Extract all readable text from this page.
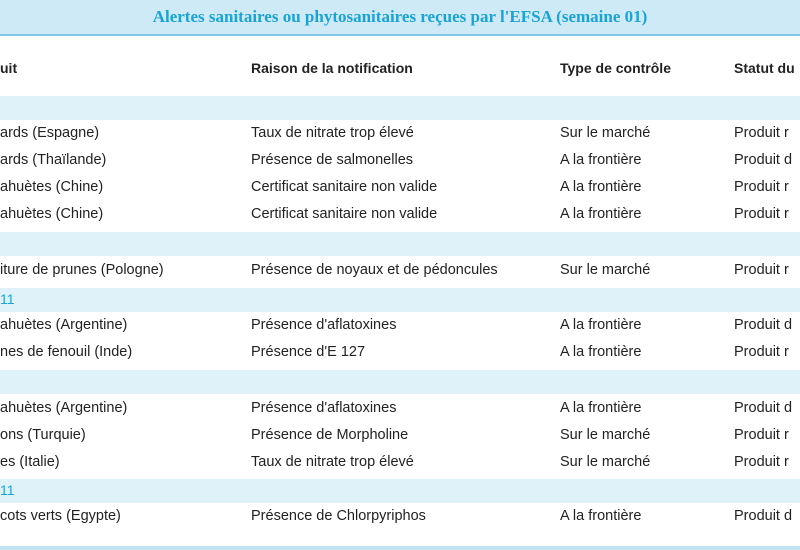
Alertes sanitaires ou phytosanitaires reçues par l'EFSA (semaine 01)
uit	Raison de la notification	Type de contrôle	Statut du
ards (Espagne)	Taux de nitrate trop élevé	Sur le marché	Produit r
ards (Thaïlande)	Présence de salmonelles	A la frontière	Produit d
ahuètes (Chine)	Certificat sanitaire non valide	A la frontière	Produit r
ahuètes (Chine)	Certificat sanitaire non valide	A la frontière	Produit r
iture de prunes (Pologne)	Présence de noyaux et de pédoncules	Sur le marché	Produit r
11
ahuètes (Argentine)	Présence d'aflatoxines	A la frontière	Produit d
nes de fenouil (Inde)	Présence d'E 127	A la frontière	Produit r
ahuètes (Argentine)	Présence d'aflatoxines	A la frontière	Produit d
ons (Turquie)	Présence de Morpholine	Sur le marché	Produit r
es (Italie)	Taux de nitrate trop élevé	Sur le marché	Produit r
11
cots verts (Egypte)	Présence de Chlorpyriphos	A la frontière	Produit d
